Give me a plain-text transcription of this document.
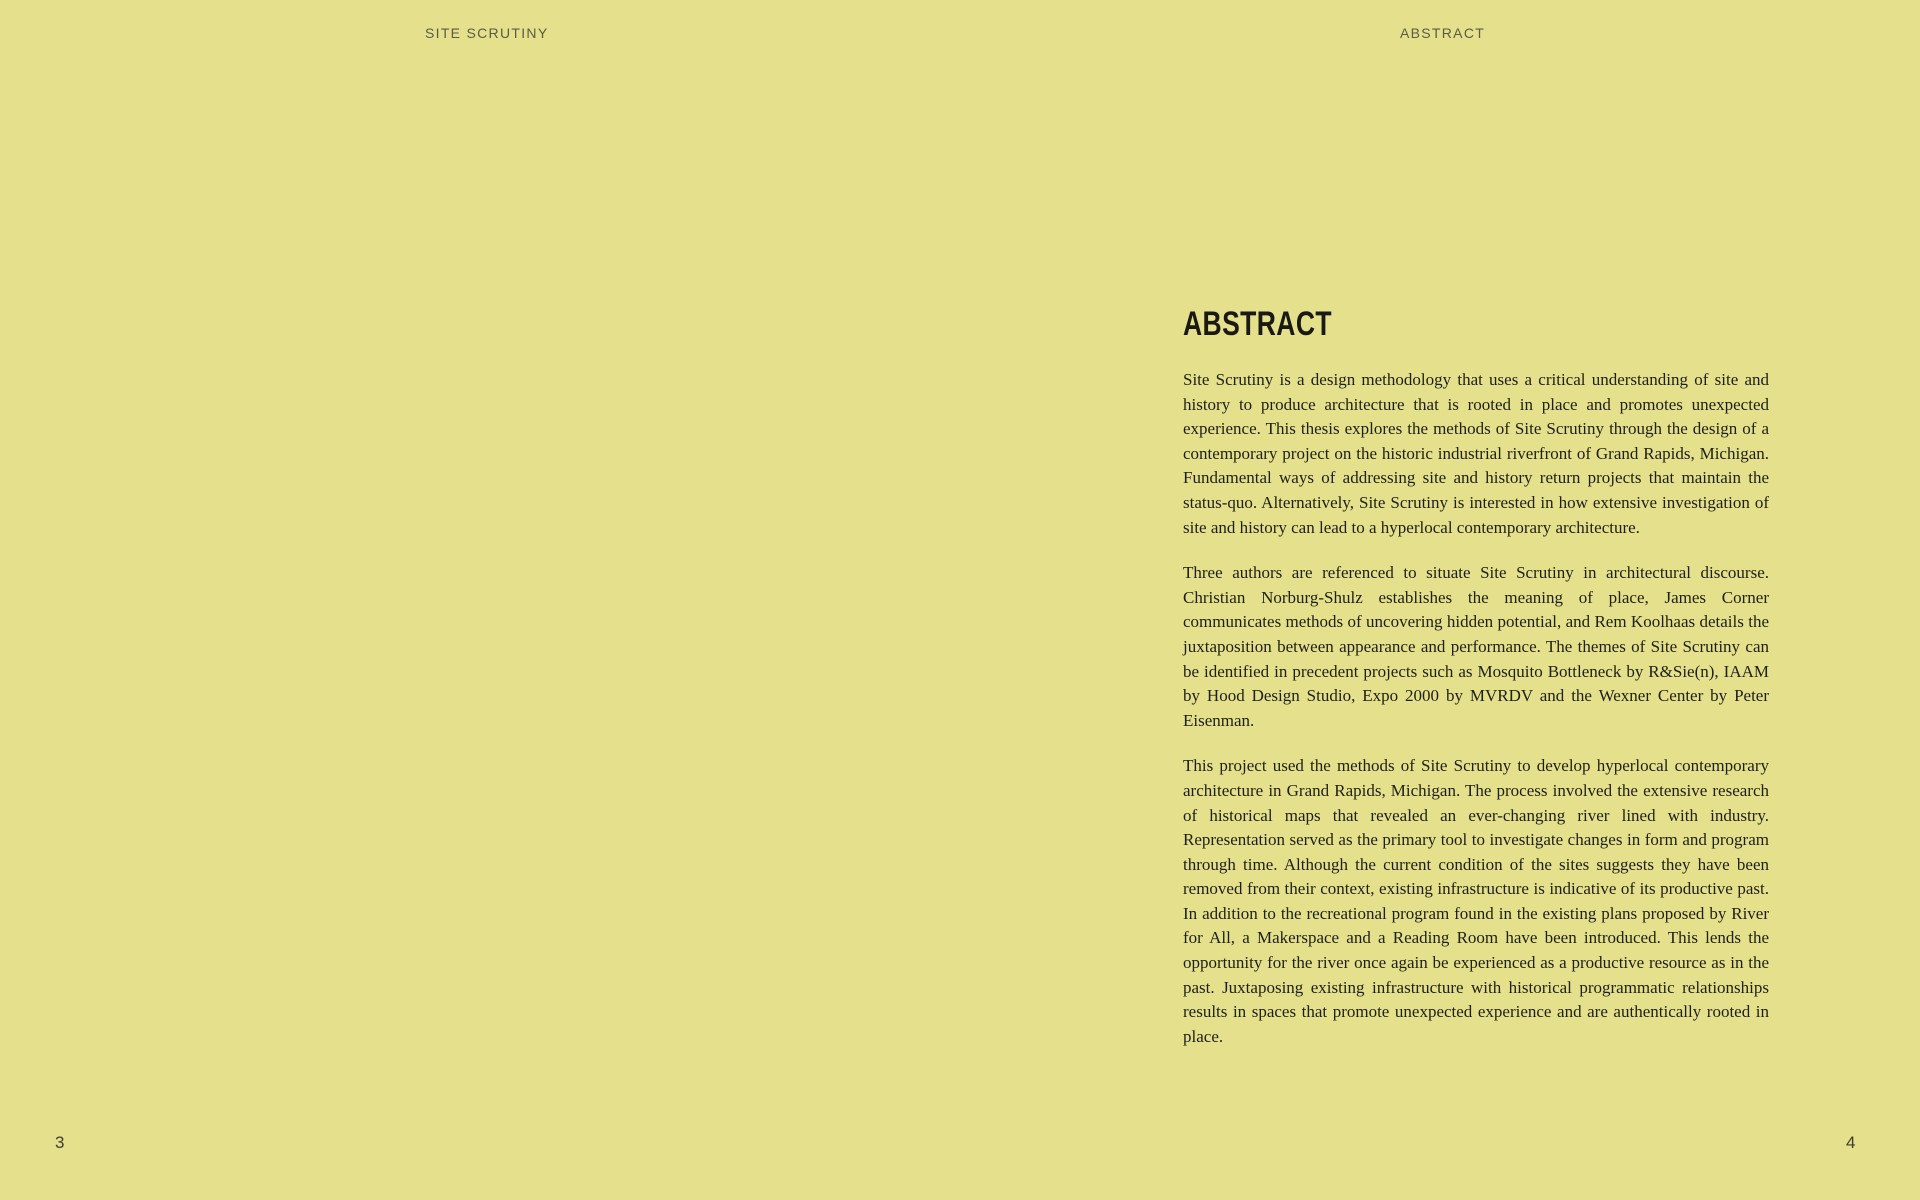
SITE SCRUTINY	ABSTRACT
ABSTRACT

Site Scrutiny is a design methodology that uses a critical understanding of site and history to produce architecture that is rooted in place and promotes unexpected experience. This thesis explores the methods of Site Scrutiny through the design of a contemporary project on the historic industrial riverfront of Grand Rapids, Michigan. Fundamental ways of addressing site and history return projects that maintain the status-quo. Alternatively, Site Scrutiny is interested in how extensive investigation of site and history can lead to a hyperlocal contemporary architecture.

Three authors are referenced to situate Site Scrutiny in architectural discourse. Christian Norburg-Shulz establishes the meaning of place, James Corner communicates methods of uncovering hidden potential, and Rem Koolhaas details the juxtaposition between appearance and performance. The themes of Site Scrutiny can be identified in precedent projects such as Mosquito Bottleneck by R&Sie(n), IAAM by Hood Design Studio, Expo 2000 by MVRDV and the Wexner Center by Peter Eisenman.

This project used the methods of Site Scrutiny to develop hyperlocal contemporary architecture in Grand Rapids, Michigan. The process involved the extensive research of historical maps that revealed an ever-changing river lined with industry. Representation served as the primary tool to investigate changes in form and program through time. Although the current condition of the sites suggests they have been removed from their context, existing infrastructure is indicative of its productive past. In addition to the recreational program found in the existing plans proposed by River for All, a Makerspace and a Reading Room have been introduced. This lends the opportunity for the river once again be experienced as a productive resource as in the past. Juxtaposing existing infrastructure with historical programmatic relationships results in spaces that promote unexpected experience and are authentically rooted in place.

3	4
